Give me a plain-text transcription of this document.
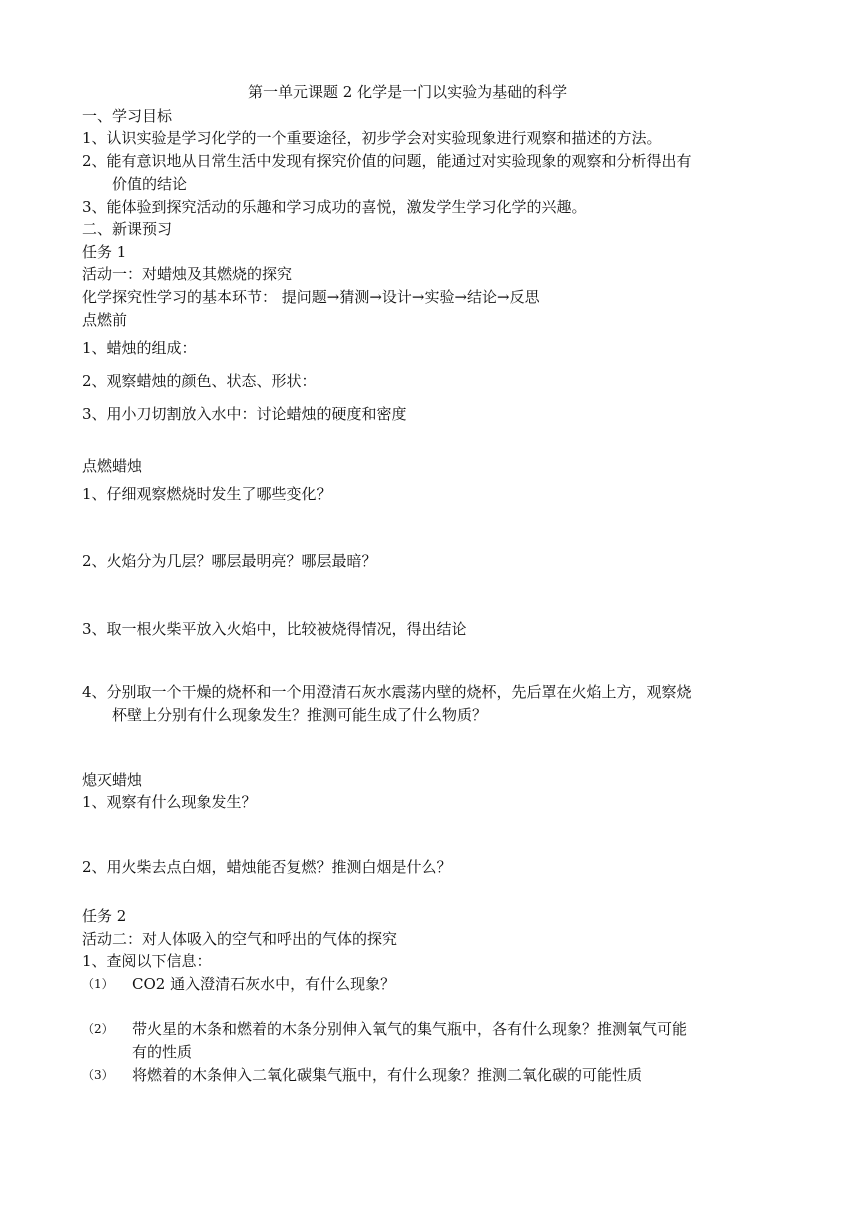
第一单元课题 2 化学是一门以实验为基础的科学
一、学习目标
1、认识实验是学习化学的一个重要途径，初步学会对实验现象进行观察和描述的方法。
2、能有意识地从日常生活中发现有探究价值的问题，能通过对实验现象的观察和分析得出有
价值的结论
3、能体验到探究活动的乐趣和学习成功的喜悦，激发学生学习化学的兴趣。
二、新课预习
任务 1
活动一：对蜡烛及其燃烧的探究
化学探究性学习的基本环节： 提问题→猜测→设计→实验→结论→反思
点燃前
1、蜡烛的组成：
2、观察蜡烛的颜色、状态、形状：
3、用小刀切割放入水中：讨论蜡烛的硬度和密度
点燃蜡烛
1、仔细观察燃烧时发生了哪些变化？
2、火焰分为几层？哪层最明亮？哪层最暗？
3、取一根火柴平放入火焰中，比较被烧得情况，得出结论
4、分别取一个干燥的烧杯和一个用澄清石灰水震荡内壁的烧杯，先后罩在火焰上方，观察烧
杯壁上分别有什么现象发生？推测可能生成了什么物质？
熄灭蜡烛
1、观察有什么现象发生？
2、用火柴去点白烟，蜡烛能否复燃？推测白烟是什么？
任务 2
活动二：对人体吸入的空气和呼出的气体的探究
1、查阅以下信息：
（1） CO2 通入澄清石灰水中，有什么现象？
（2） 带火星的木条和燃着的木条分别伸入氧气的集气瓶中，各有什么现象？推测氧气可能
有的性质
（3） 将燃着的木条伸入二氧化碳集气瓶中，有什么现象？推测二氧化碳的可能性质
